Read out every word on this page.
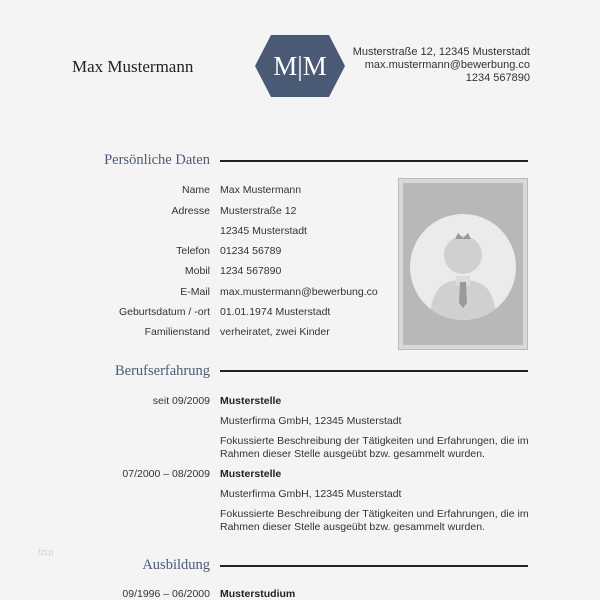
Max Mustermann	M|M	Musterstraße 12, 12345 Musterstadt
max.mustermann@bewerbung.co
1234 567890
Persönliche Daten
Name Max Mustermann
Adresse Musterstraße 12
12345 Musterstadt
Telefon 01234 56789
Mobil 1234 567890
E-Mail max.mustermann@bewerbung.co
Geburtsdatum / -ort 01.01.1974 Musterstadt
Familienstand verheiratet, zwei Kinder
Berufserfahrung
seit 09/2009 Musterstelle
Musterfirma GmbH, 12345 Musterstadt
Fokussierte Beschreibung der Tätigkeiten und Erfahrungen, die im Rahmen dieser Stelle ausgeübt bzw. gesammelt wurden.
07/2000 – 08/2009 Musterstelle
Musterfirma GmbH, 12345 Musterstadt
Fokussierte Beschreibung der Tätigkeiten und Erfahrungen, die im Rahmen dieser Stelle ausgeübt bzw. gesammelt wurden.
Ausbildung
09/1996 – 06/2000 Musterstudium
fzt.p
